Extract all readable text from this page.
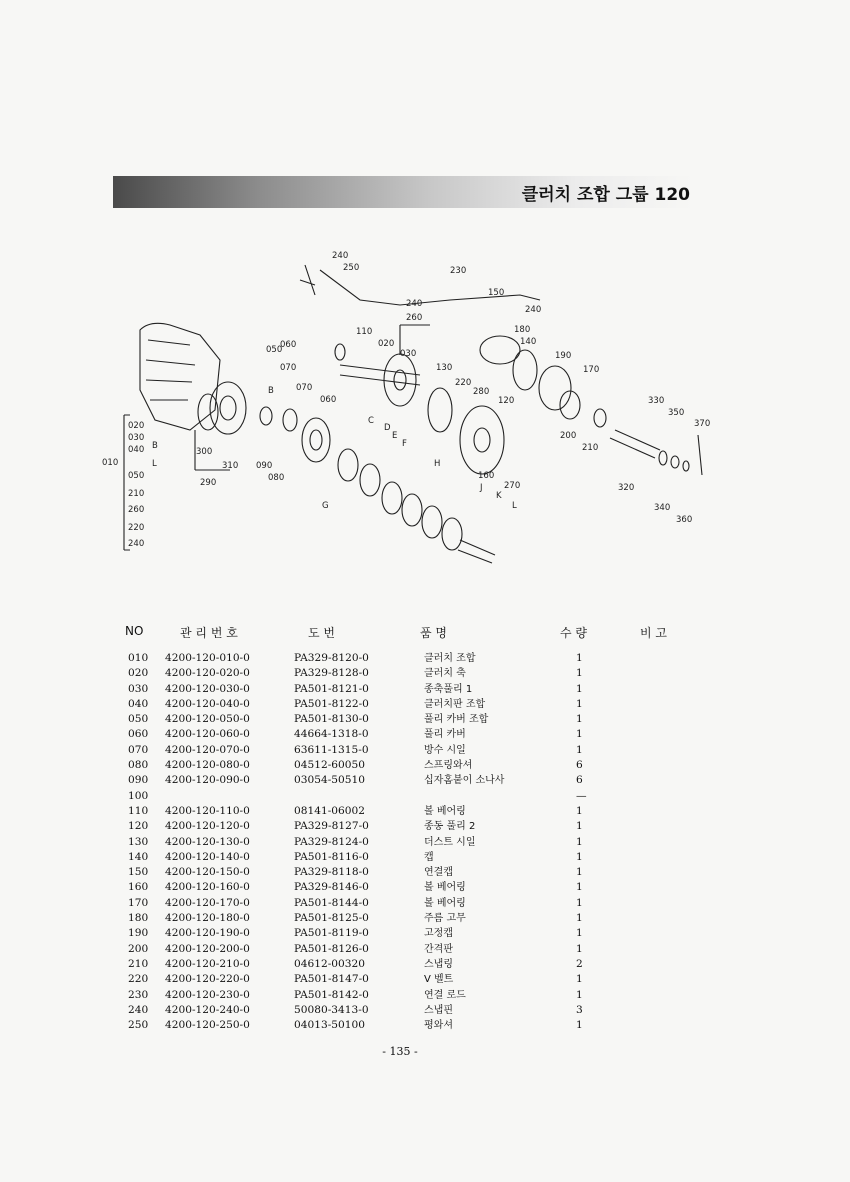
클러치 조합 그룹 120
240
250	230
150
240
260
240
180
110
020
030
050
060
070
070
060
B
130
220
280
140
190
170
120	330
350
370
200
210
C
D
E
F
300
310
290
090
080
G
H
160
270
K
L
J	320
340
360
020
030
040 B
L
010
050
210
260
220
240
NO	관 리 번 호	도 번	품 명	수 량	비 고
010 4200-120-010-0	PA329-8120-0	클러치 조합	1
020 4200-120-020-0	PA329-8128-0	클러치 축	1
030 4200-120-030-0	PA501-8121-0	종축풀리 1	1
040 4200-120-040-0	PA501-8122-0	클러치판 조합	1
050 4200-120-050-0	PA501-8130-0	풀리 카버 조합	1
060 4200-120-060-0	44664-1318-0	풀리 카버	1
070 4200-120-070-0	63611-1315-0	방수 시일	1
080 4200-120-080-0	04512-60050	스프링와셔	6
090 4200-120-090-0	03054-50510	십자홈붙이 소나사	6
100	—
110 4200-120-110-0	08141-06002	볼 베어링	1
120 4200-120-120-0	PA329-8127-0	종동 풀리 2	1
130 4200-120-130-0	PA329-8124-0	더스트 시일	1
140 4200-120-140-0	PA501-8116-0	캡	1
150 4200-120-150-0	PA329-8118-0	연결캡	1
160 4200-120-160-0	PA329-8146-0	볼 베어링	1
170 4200-120-170-0	PA501-8144-0	볼 베어링	1
180 4200-120-180-0	PA501-8125-0	주름 고무	1
190 4200-120-190-0	PA501-8119-0	고정캡	1
200 4200-120-200-0	PA501-8126-0	간격판	1
210 4200-120-210-0	04612-00320	스냅링	2
220 4200-120-220-0	PA501-8147-0	V 벨트	1
230 4200-120-230-0	PA501-8142-0	연결 로드	1
240 4200-120-240-0	50080-3413-0	스냅핀	3
250 4200-120-250-0	04013-50100	평와셔	1
- 135 -
